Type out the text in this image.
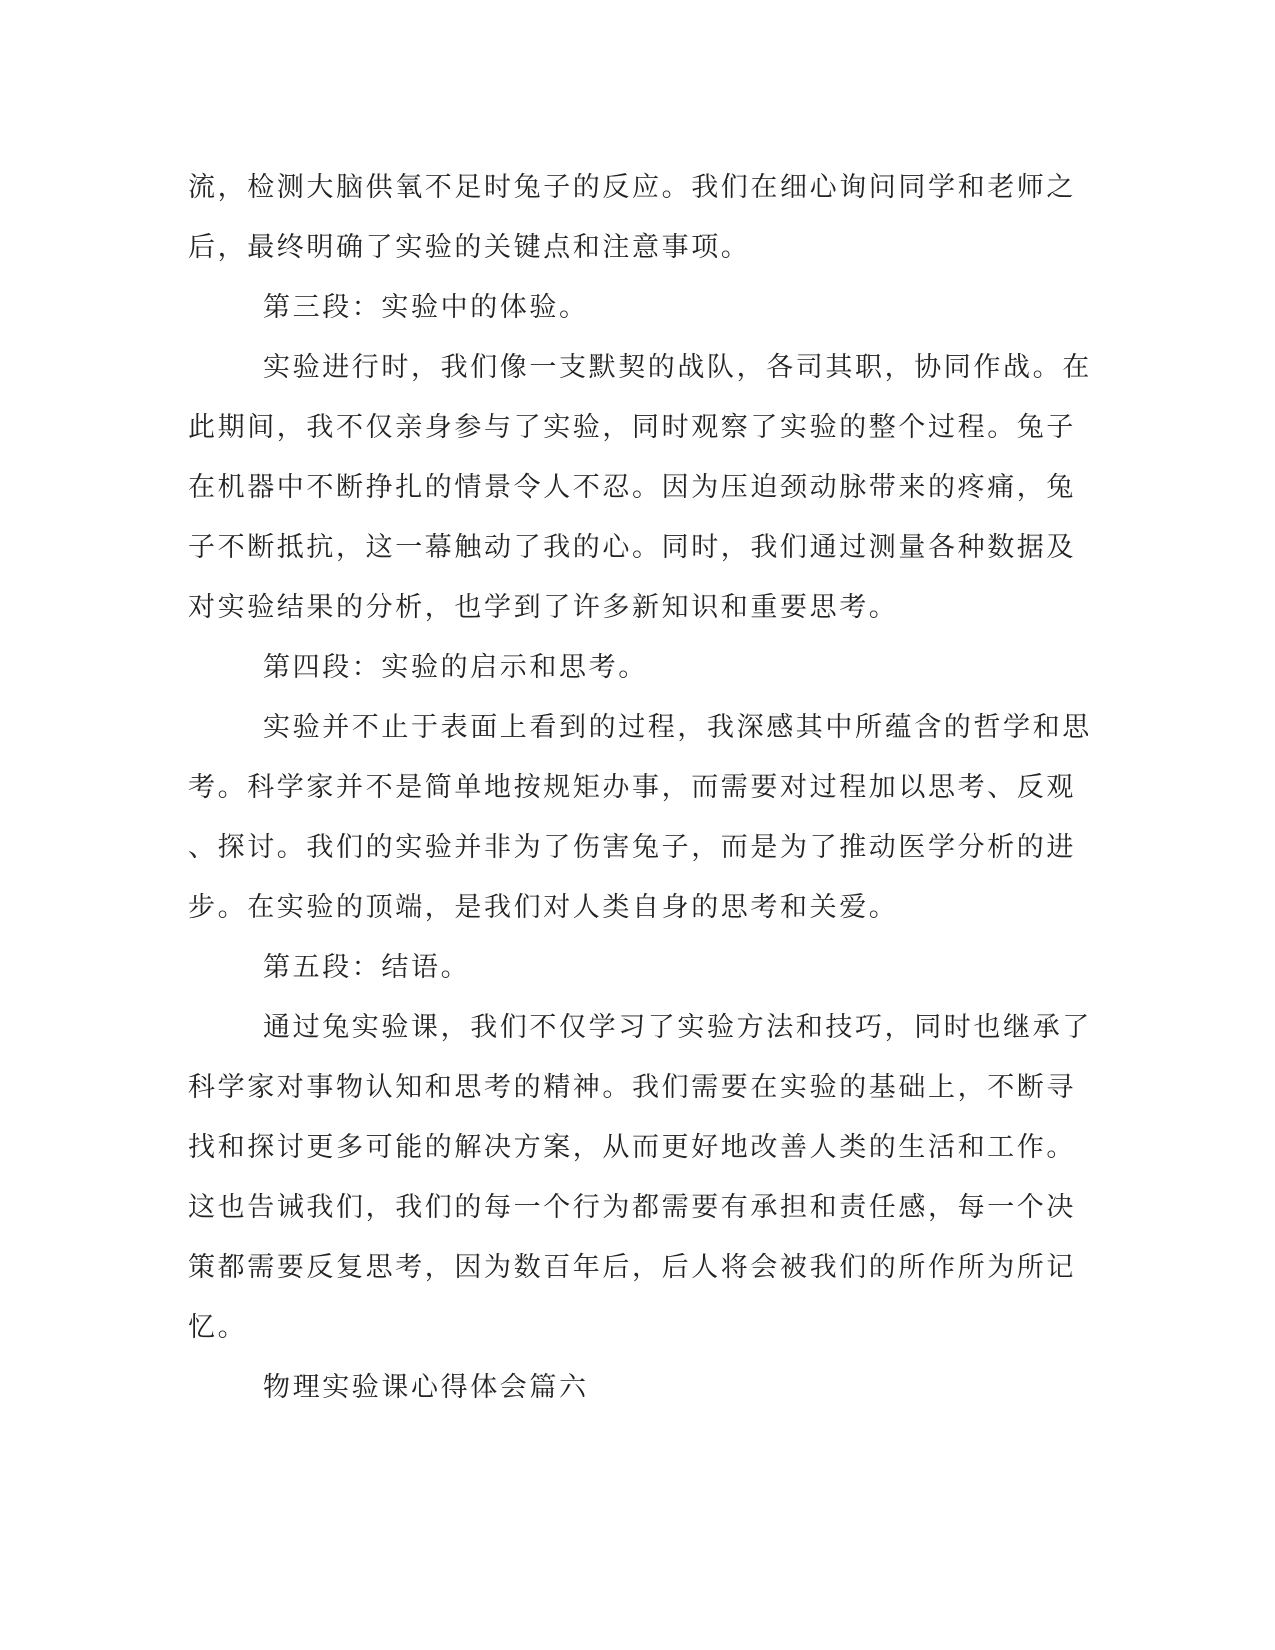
流，检测大脑供氧不足时兔子的反应。我们在细心询问同学和老师之
后，最终明确了实验的关键点和注意事项。
第三段：实验中的体验。
实验进行时，我们像一支默契的战队，各司其职，协同作战。在
此期间，我不仅亲身参与了实验，同时观察了实验的整个过程。兔子
在机器中不断挣扎的情景令人不忍。因为压迫颈动脉带来的疼痛，兔
子不断抵抗，这一幕触动了我的心。同时，我们通过测量各种数据及
对实验结果的分析，也学到了许多新知识和重要思考。
第四段：实验的启示和思考。
实验并不止于表面上看到的过程，我深感其中所蕴含的哲学和思
考。科学家并不是简单地按规矩办事，而需要对过程加以思考、反观
、探讨。我们的实验并非为了伤害兔子，而是为了推动医学分析的进
步。在实验的顶端，是我们对人类自身的思考和关爱。
第五段：结语。
通过兔实验课，我们不仅学习了实验方法和技巧，同时也继承了
科学家对事物认知和思考的精神。我们需要在实验的基础上，不断寻
找和探讨更多可能的解决方案，从而更好地改善人类的生活和工作。
这也告诫我们，我们的每一个行为都需要有承担和责任感，每一个决
策都需要反复思考，因为数百年后，后人将会被我们的所作所为所记
忆。
物理实验课心得体会篇六
